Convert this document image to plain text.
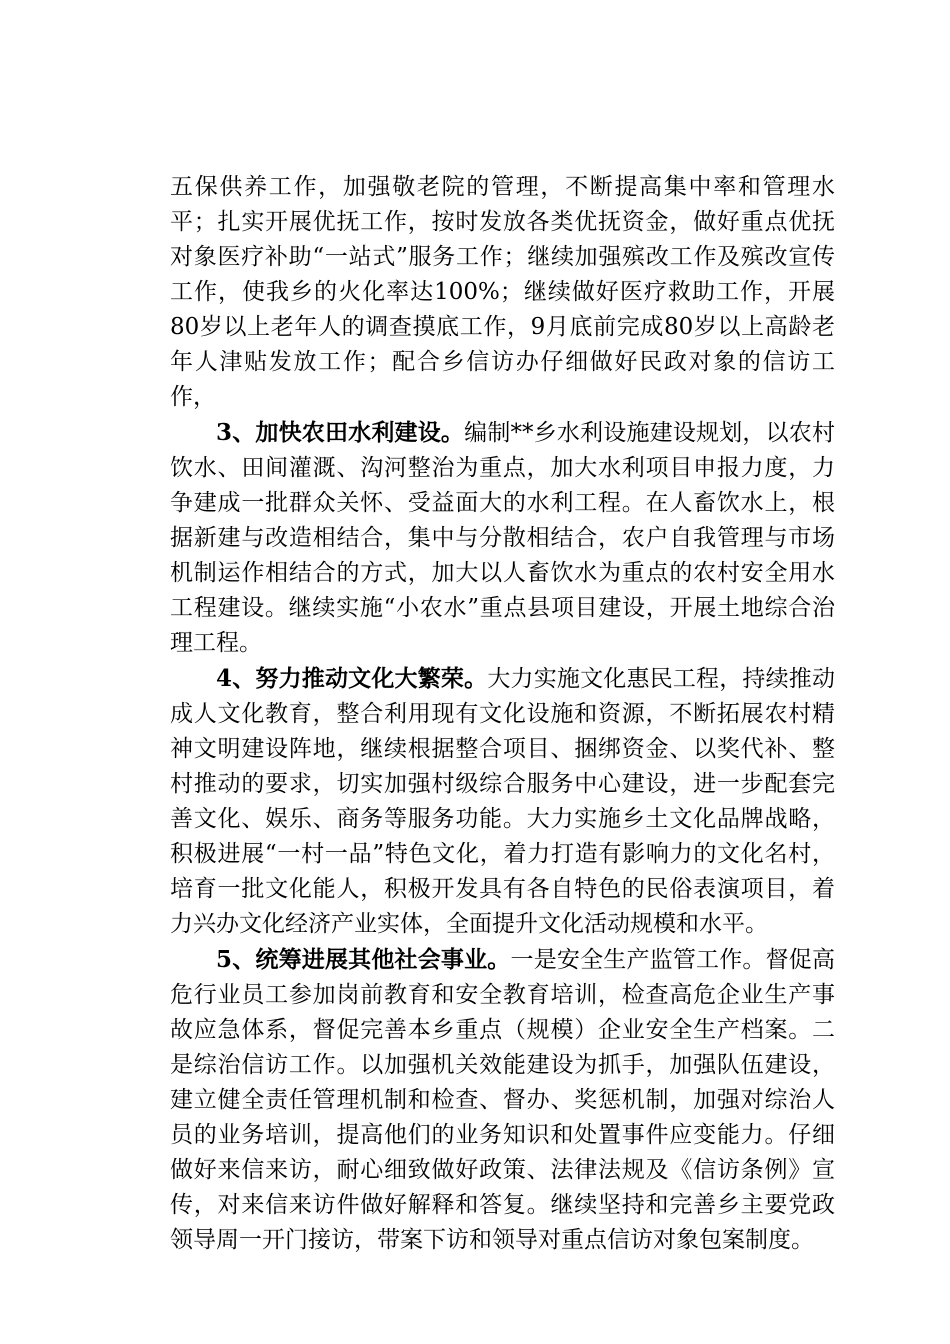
五保供养工作，加强敬老院的管理，不断提高集中率和管理水平；扎实开展优抚工作，按时发放各类优抚资金，做好重点优抚对象医疗补助“一站式”服务工作；继续加强殡改工作及殡改宣传工作，使我乡的火化率达100%；继续做好医疗救助工作，开展80岁以上老年人的调查摸底工作，9月底前完成80岁以上高龄老年人津贴发放工作；配合乡信访办仔细做好民政对象的信访工作，

3、加快农田水利建设。编制**乡水利设施建设规划，以农村饮水、田间灌溉、沟河整治为重点，加大水利项目申报力度，力争建成一批群众关怀、受益面大的水利工程。在人畜饮水上，根据新建与改造相结合，集中与分散相结合，农户自我管理与市场机制运作相结合的方式，加大以人畜饮水为重点的农村安全用水工程建设。继续实施“小农水”重点县项目建设，开展土地综合治理工程。

4、努力推动文化大繁荣。大力实施文化惠民工程，持续推动成人文化教育，整合利用现有文化设施和资源，不断拓展农村精神文明建设阵地，继续根据整合项目、捆绑资金、以奖代补、整村推动的要求，切实加强村级综合服务中心建设，进一步配套完善文化、娱乐、商务等服务功能。大力实施乡土文化品牌战略，积极进展“一村一品”特色文化，着力打造有影响力的文化名村，培育一批文化能人，积极开发具有各自特色的民俗表演项目，着力兴办文化经济产业实体，全面提升文化活动规模和水平。

5、统筹进展其他社会事业。一是安全生产监管工作。督促高危行业员工参加岗前教育和安全教育培训，检查高危企业生产事故应急体系，督促完善本乡重点（规模）企业安全生产档案。二是综治信访工作。以加强机关效能建设为抓手，加强队伍建设，建立健全责任管理机制和检查、督办、奖惩机制，加强对综治人员的业务培训，提高他们的业务知识和处置事件应变能力。仔细做好来信来访，耐心细致做好政策、法律法规及《信访条例》宣传，对来信来访件做好解释和答复。继续坚持和完善乡主要党政领导周一开门接访，带案下访和领导对重点信访对象包案制度。
